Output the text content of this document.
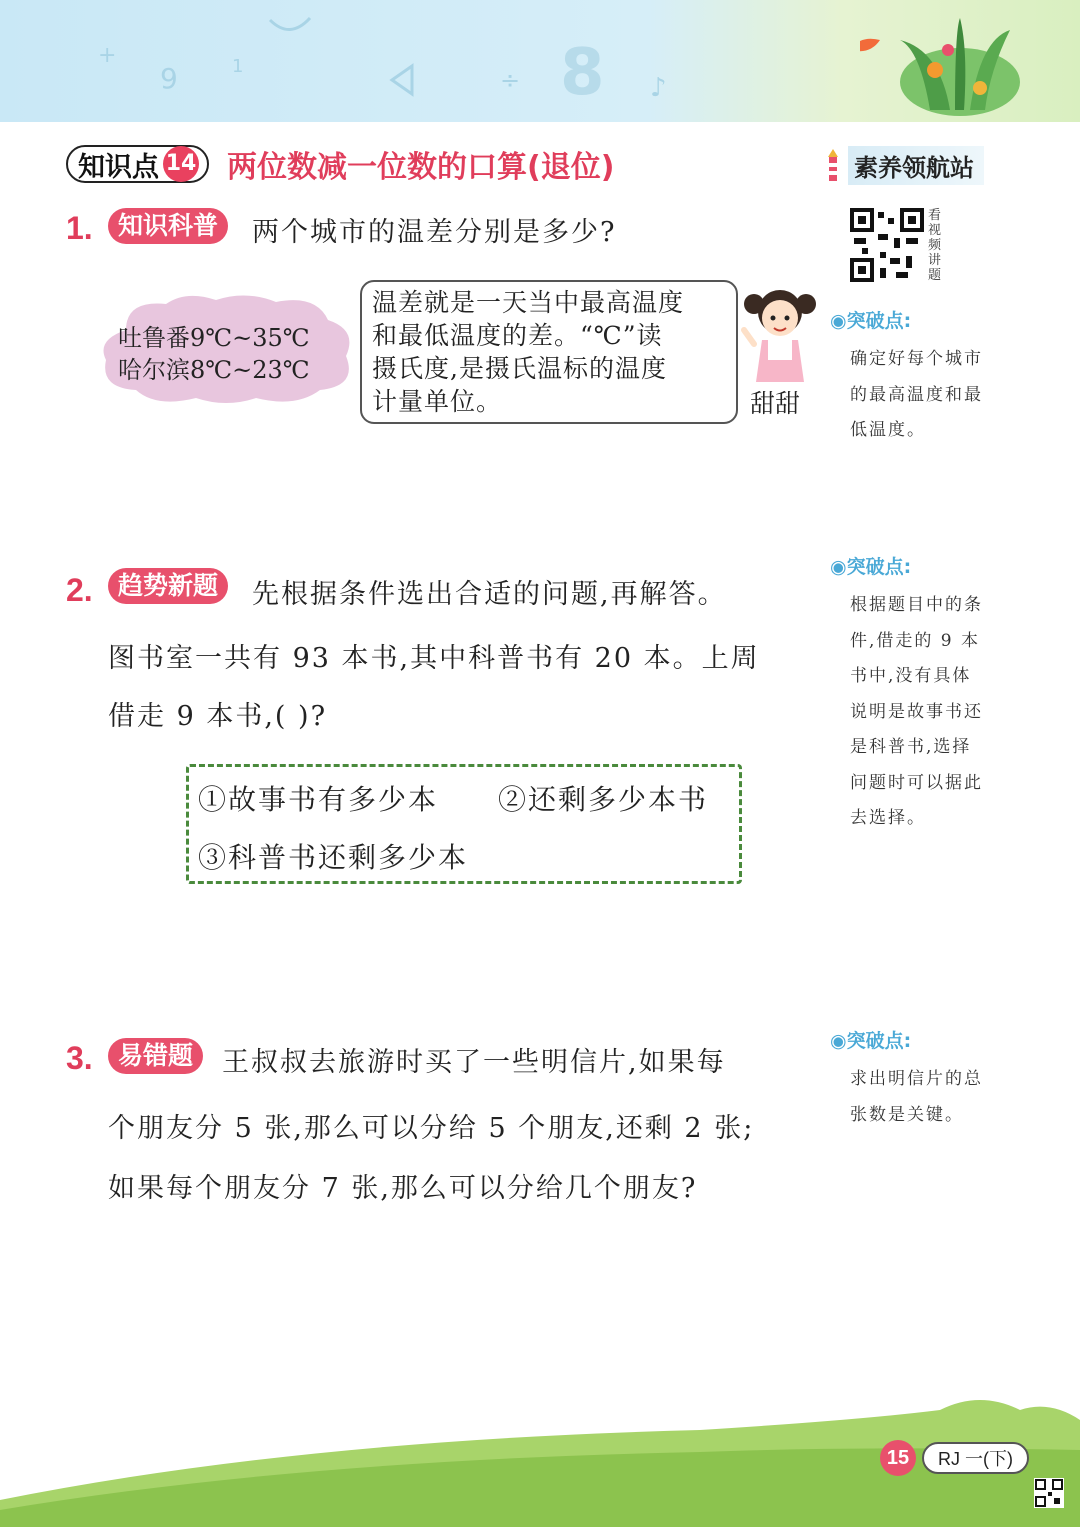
9	1
+
÷ 8 ♪
知识点 14 两位数减一位数的口算(退位)	素养领航站
看视频讲题
1.	知识科普	两个城市的温差分别是多少?
吐鲁番9℃~35℃
哈尔滨8℃~23℃
温差就是一天当中最高温度
和最低温度的差。“℃”读
摄氏度,是摄氏温标的温度
计量单位。	甜甜
◉突破点:
确定好每个城市
的最高温度和最
低温度。
2.	趋势新题	先根据条件选出合适的问题,再解答。
图书室一共有 93 本书,其中科普书有 20 本。上周
借走 9 本书,( )?
①故事书有多少本 ②还剩多少本书
③科普书还剩多少本
◉突破点:
根据题目中的条
件,借走的 9 本
书中,没有具体
说明是故事书还
是科普书,选择
问题时可以据此
去选择。
3.	易错题	王叔叔去旅游时买了一些明信片,如果每
个朋友分 5 张,那么可以分给 5 个朋友,还剩 2 张;
如果每个朋友分 7 张,那么可以分给几个朋友?
◉突破点:
求出明信片的总
张数是关键。
15	RJ 一(下)
